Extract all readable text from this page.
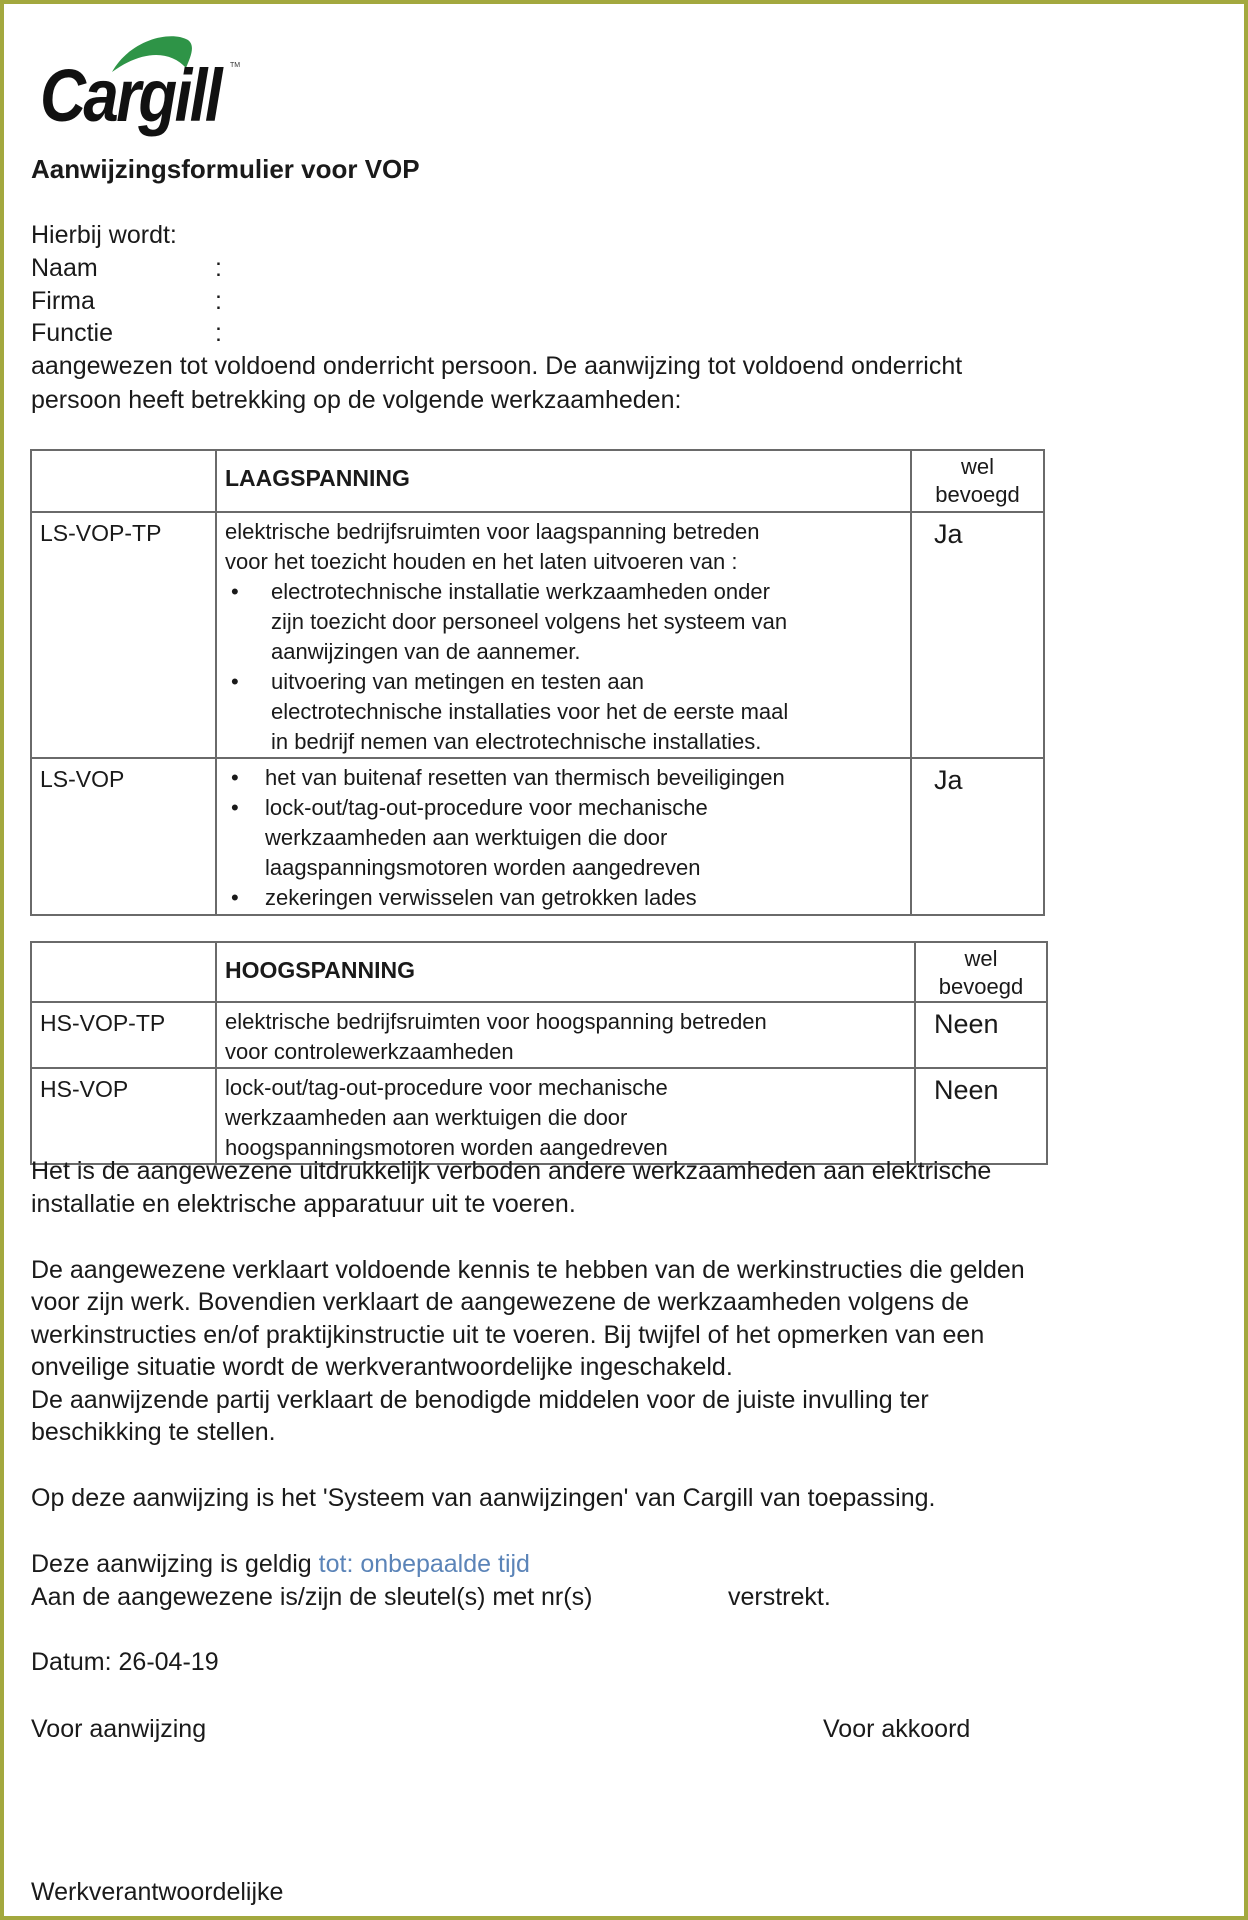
Cargill TM
Aanwijzingsformulier voor VOP
Hierbij wordt:
Naam	:
Firma	:
Functie	:
aangewezen tot voldoend onderricht persoon. De aanwijzing tot voldoend onderricht
persoon heeft betrekking op de volgende werkzaamheden:
	LAAGSPANNING	wel
bevoegd

LS-VOP-TP	elektrische bedrijfsruimten voor laagspanning betreden
voor het toezicht houden en het laten uitvoeren van :
• electrotechnische installatie werkzaamheden onder
zijn toezicht door personeel volgens het systeem van
aanwijzingen van de aannemer.
• uitvoering van metingen en testen aan
electrotechnische installaties voor het de eerste maal
in bedrijf nemen van electrotechnische installaties.
	Ja
LS-VOP	
•het van buitenaf resetten van thermisch beveiligingen
• lock-out/tag-out-procedure voor mechanische
werkzaamheden aan werktuigen die door
laagspanningsmotoren worden aangedreven
• zekeringen verwisselen van getrokken lades
	Ja
	HOOGSPANNING	wel
bevoegd

HS-VOP-TP	elektrische bedrijfsruimten voor hoogspanning betreden
voor controlewerkzaamheden	Neen
HS-VOP	lock-out/tag-out-procedure voor mechanische
werkzaamheden aan werktuigen die door
hoogspanningsmotoren worden aangedreven	Neen
Het is de aangewezene uitdrukkelijk verboden andere werkzaamheden aan elektrische
installatie en elektrische apparatuur uit te voeren.
De aangewezene verklaart voldoende kennis te hebben van de werkinstructies die gelden
voor zijn werk. Bovendien verklaart de aangewezene de werkzaamheden volgens de
werkinstructies en/of praktijkinstructie uit te voeren. Bij twijfel of het opmerken van een
onveilige situatie wordt de werkverantwoordelijke ingeschakeld.
De aanwijzende partij verklaart de benodigde middelen voor de juiste invulling ter
beschikking te stellen.
Op deze aanwijzing is het 'Systeem van aanwijzingen' van Cargill van toepassing.
Deze aanwijzing is geldig tot: onbepaalde tijd
Aan de aangewezene is/zijn de sleutel(s) met nr(s)	verstrekt.
Datum: 26-04-19
Voor aanwijzing	Voor akkoord
Werkverantwoordelijke
